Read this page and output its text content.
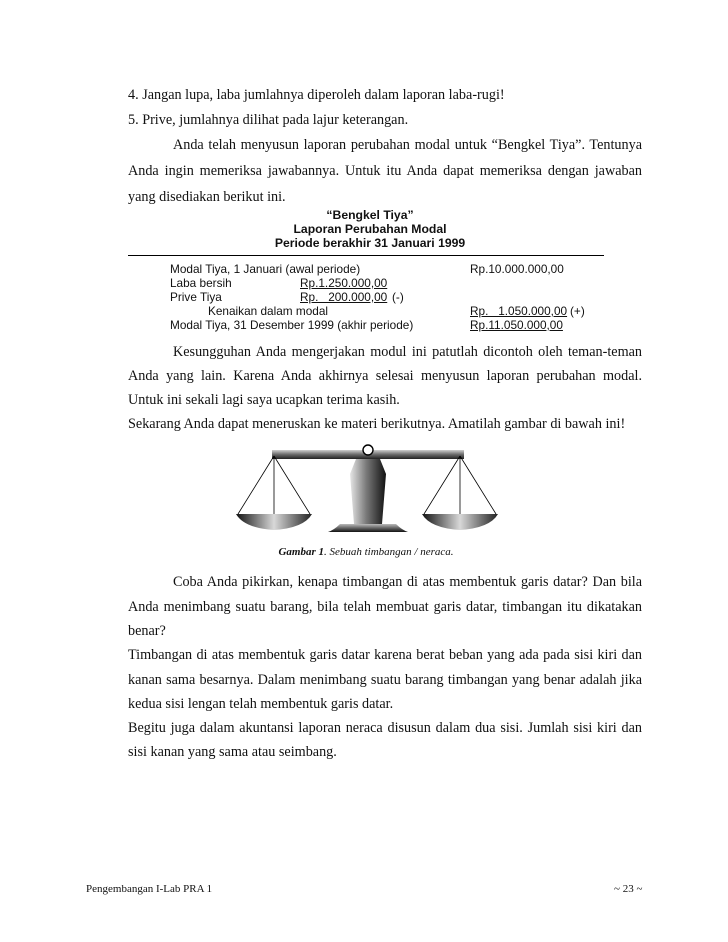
4. Jangan lupa, laba jumlahnya diperoleh dalam laporan laba-rugi!
5. Prive, jumlahnya dilihat pada lajur keterangan.
Anda telah menyusun laporan perubahan modal untuk “Bengkel Tiya”. Tentunya
Anda ingin memeriksa jawabannya. Untuk itu Anda dapat memeriksa dengan jawaban
yang disediakan berikut ini.
“Bengkel Tiya”
Laporan Perubahan Modal
Periode berakhir 31 Januari 1999
Modal Tiya, 1 Januari (awal periode)	Rp.10.000.000,00
Laba bersih	Rp.1.250.000,00
Prive Tiya	Rp.   200.000,00 (-)
Kenaikan dalam modal	Rp.   1.050.000,00 (+)
Modal Tiya, 31 Desember 1999 (akhir periode)	Rp.11.050.000,00
Kesungguhan Anda mengerjakan modul ini patutlah dicontoh oleh teman-teman
Anda yang lain. Karena Anda akhirnya selesai menyusun laporan perubahan modal.
Untuk ini sekali lagi saya ucapkan terima kasih.
Sekarang Anda dapat meneruskan ke materi berikutnya. Amatilah gambar di bawah ini!
Gambar 1. Sebuah timbangan / neraca.
Coba Anda pikirkan, kenapa timbangan di atas membentuk garis datar? Dan bila
Anda menimbang suatu barang, bila telah membuat garis datar, timbangan itu dikatakan
benar?
Timbangan di atas membentuk garis datar karena berat beban yang ada pada sisi kiri dan
kanan sama besarnya. Dalam menimbang suatu barang timbangan yang benar adalah jika
kedua sisi lengan telah membentuk garis datar.
Begitu juga dalam akuntansi laporan neraca disusun dalam dua sisi. Jumlah sisi kiri dan
sisi kanan yang sama atau seimbang.
Pengembangan I-Lab PRA 1	~ 23 ~
